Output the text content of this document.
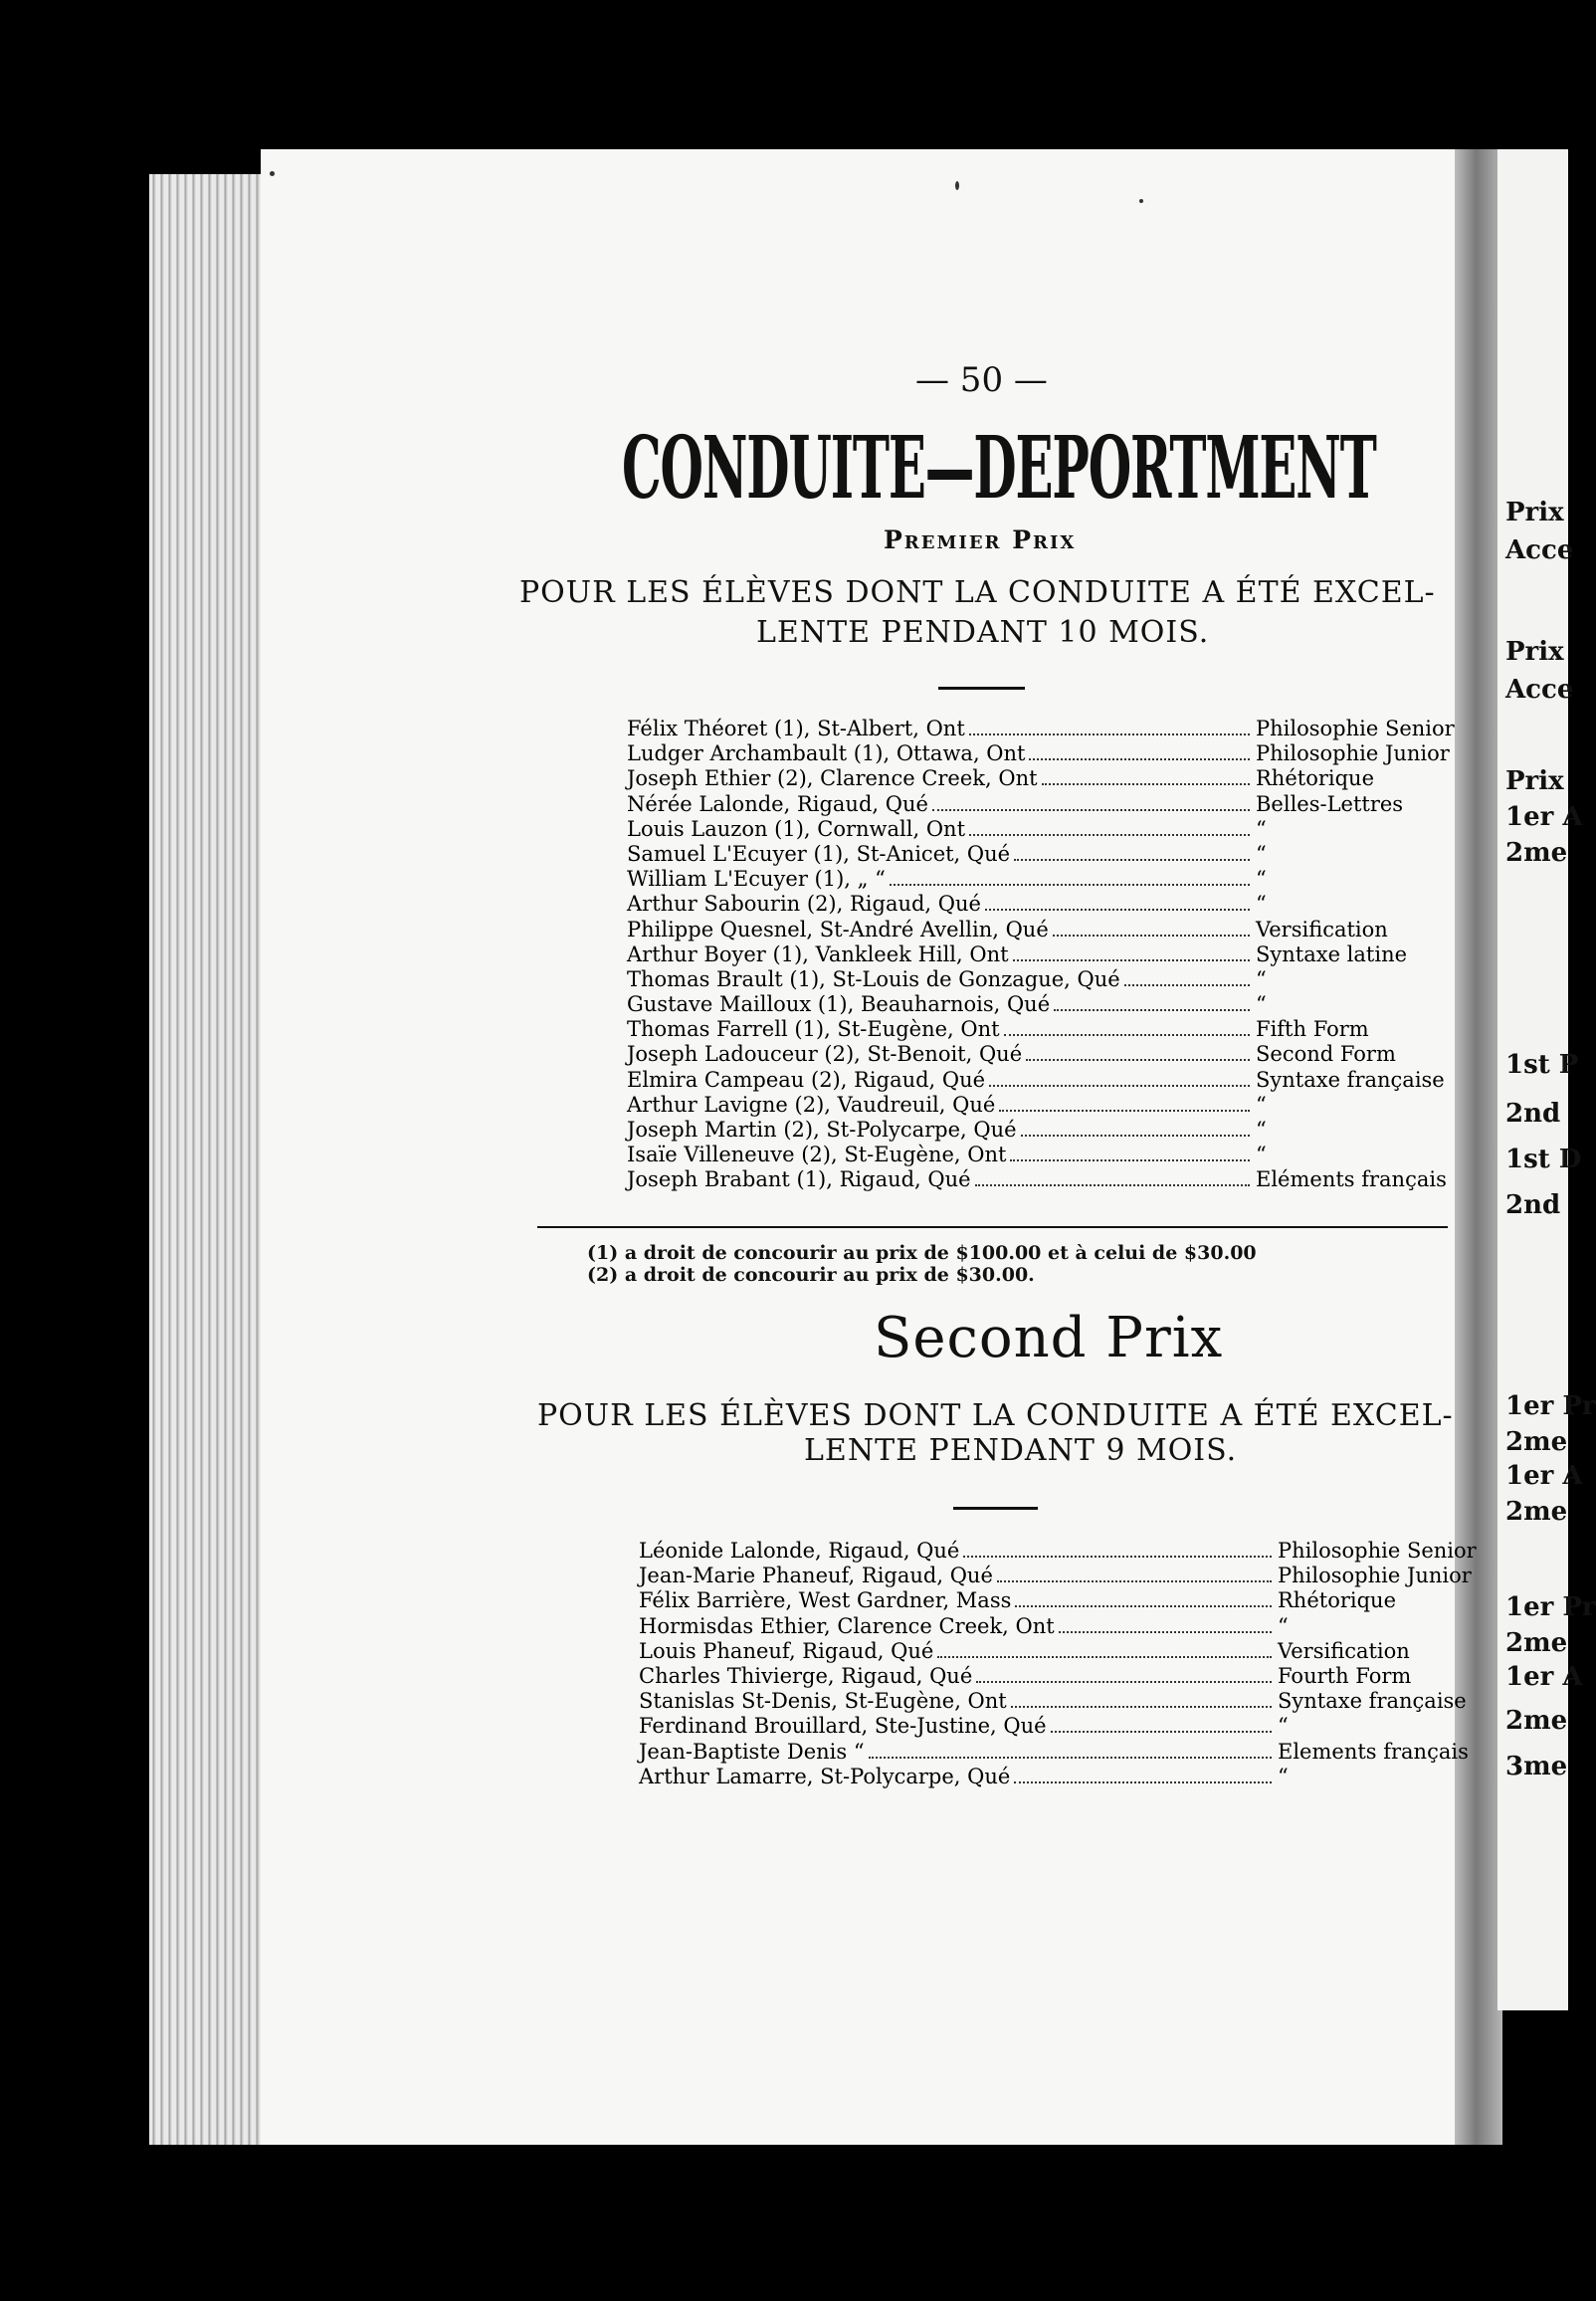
Prix
Acce
Prix
Acce
Prix
1er A
2me
1st P
2nd
1st D
2nd
1er Pr
2me
1er A
2me
1er Pr
2me
1er A
2me
3me
— 50 —
CONDUITE—DEPORTMENT
Premier Prix
POUR LES ÉLÈVES DONT LA CONDUITE A ÉTÉ EXCEL-
LENTE PENDANT 10 MOIS.
Félix Théoret (1), St-Albert, Ont	Philosophie Senior
Ludger Archambault (1), Ottawa, Ont	Philosophie Junior
Joseph Ethier (2), Clarence Creek, Ont	Rhétorique
Nérée Lalonde, Rigaud, Qué	Belles-Lettres
Louis Lauzon (1), Cornwall, Ont	“
Samuel L'Ecuyer (1), St-Anicet, Qué	“
William L'Ecuyer (1), „ “	“
Arthur Sabourin (2), Rigaud, Qué	“
Philippe Quesnel, St-André Avellin, Qué	Versification
Arthur Boyer (1), Vankleek Hill, Ont	Syntaxe latine
Thomas Brault (1), St-Louis de Gonzague, Qué	“
Gustave Mailloux (1), Beauharnois, Qué	“
Thomas Farrell (1), St-Eugène, Ont	Fifth Form
Joseph Ladouceur (2), St-Benoit, Qué	Second Form
Elmira Campeau (2), Rigaud, Qué	Syntaxe française
Arthur Lavigne (2), Vaudreuil, Qué	“
Joseph Martin (2), St-Polycarpe, Qué	“
Isaïe Villeneuve (2), St-Eugène, Ont	“
Joseph Brabant (1), Rigaud, Qué	Eléments français
(1) a droit de concourir au prix de $100.00 et à celui de $30.00
(2) a droit de concourir au prix de $30.00.
Second Prix
POUR LES ÉLÈVES DONT LA CONDUITE A ÉTÉ EXCEL-
LENTE PENDANT 9 MOIS.
Léonide Lalonde, Rigaud, Qué	Philosophie Senior
Jean-Marie Phaneuf, Rigaud, Qué	Philosophie Junior
Félix Barrière, West Gardner, Mass	Rhétorique
Hormisdas Ethier, Clarence Creek, Ont	“
Louis Phaneuf, Rigaud, Qué	Versification
Charles Thivierge, Rigaud, Qué	Fourth Form
Stanislas St-Denis, St-Eugène, Ont	Syntaxe française
Ferdinand Brouillard, Ste-Justine, Qué	“
Jean-Baptiste Denis “	Elements français
Arthur Lamarre, St-Polycarpe, Qué	“
